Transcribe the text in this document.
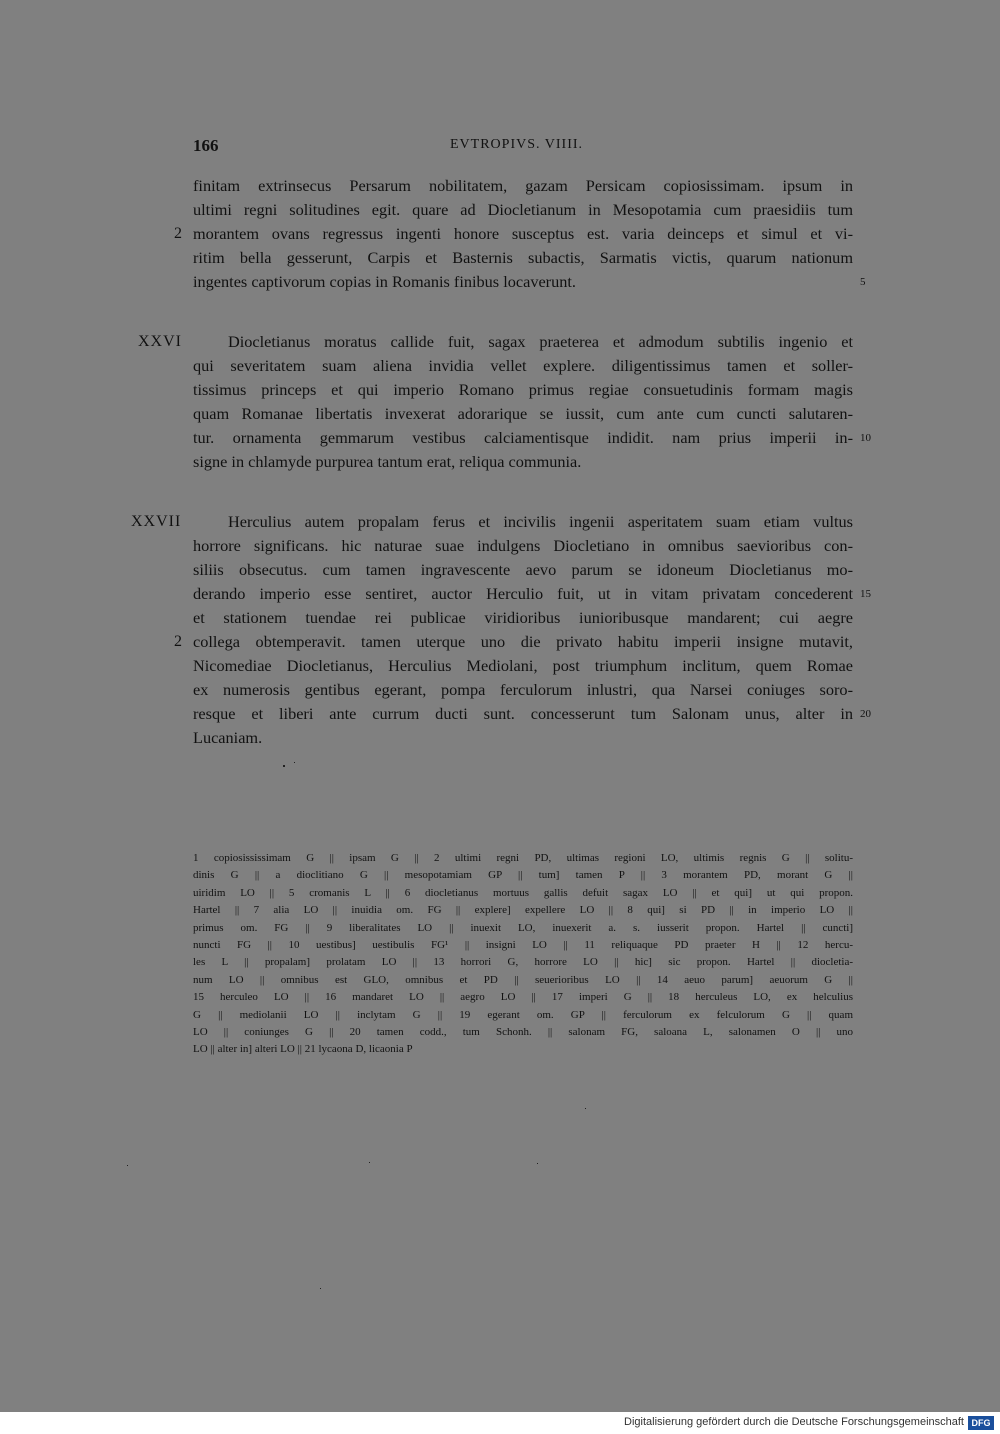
166	EVTROPIVS. VIIII.
finitam extrinsecus Persarum nobilitatem, gazam Persicam copiosissimam. ipsum in
ultimi regni solitudines egit. quare ad Diocletianum in Mesopotamia cum praesidiis tum
morantem ovans regressus ingenti honore susceptus est. varia deinceps et simul et vi-
ritim bella gesserunt, Carpis et Basternis subactis, Sarmatis victis, quarum nationum
ingentes captivorum copias in Romanis finibus locaverunt.
2
5
XXVI	Diocletianus moratus callide fuit, sagax praeterea et admodum subtilis ingenio et
qui severitatem suam aliena invidia vellet explere. diligentissimus tamen et soller-
tissimus princeps et qui imperio Romano primus regiae consuetudinis formam magis
quam Romanae libertatis invexerat adorarique se iussit, cum ante cum cuncti salutaren-
tur. ornamenta gemmarum vestibus calciamentisque indidit. nam prius imperii in-
signe in chlamyde purpurea tantum erat, reliqua communia.
10
XXVII	Herculius autem propalam ferus et incivilis ingenii asperitatem suam etiam vultus
horrore significans. hic naturae suae indulgens Diocletiano in omnibus saevioribus con-
siliis obsecutus. cum tamen ingravescente aevo parum se idoneum Diocletianus mo-
derando imperio esse sentiret, auctor Herculio fuit, ut in vitam privatam concederent
et stationem tuendae rei publicae viridioribus iunioribusque mandarent; cui aegre
collega obtemperavit. tamen uterque uno die privato habitu imperii insigne mutavit,
Nicomediae Diocletianus, Herculius Mediolani, post triumphum inclitum, quem Romae
ex numerosis gentibus egerant, pompa ferculorum inlustri, qua Narsei coniuges soro-
resque et liberi ante currum ducti sunt. concesserunt tum Salonam unus, alter in
Lucaniam.
2
15
20
1 copiosississimam G || ipsam G || 2 ultimi regni PD, ultimas regioni LO, ultimis regnis G || solitu-
dinis G || a dioclitiano G || mesopotamiam GP || tum] tamen P || 3 morantem PD, morant G ||
uiridim LO || 5 cromanis L || 6 diocletianus mortuus gallis defuit sagax LO || et qui] ut qui propon.
Hartel || 7 alia LO || inuidia om. FG || explere] expellere LO || 8 qui] si PD || in imperio LO ||
primus om. FG || 9 liberalitates LO || inuexit LO, inuexerit a. s. iusserit propon. Hartel || cuncti]
nuncti FG || 10 uestibus] uestibulis FG¹ || insigni LO || 11 reliquaque PD praeter H || 12 hercu-
les L || propalam] prolatam LO || 13 horrori G, horrore LO || hic] sic propon. Hartel || diocletia-
num LO || omnibus est GLO, omnibus et PD || seuerioribus LO || 14 aeuo parum] aeuorum G ||
15 herculeo LO || 16 mandaret LO || aegro LO || 17 imperi G || 18 herculeus LO, ex helculius
G || mediolanii LO || inclytam G || 19 egerant om. GP || ferculorum ex felculorum G || quam
LO || coniunges G || 20 tamen codd., tum Schonh. || salonam FG, saloana L, salonamen O || uno
LO || alter in] alteri LO || 21 lycaona D, licaonia P
Digitalisierung gefördert durch die Deutsche Forschungsgemeinschaft DFG
